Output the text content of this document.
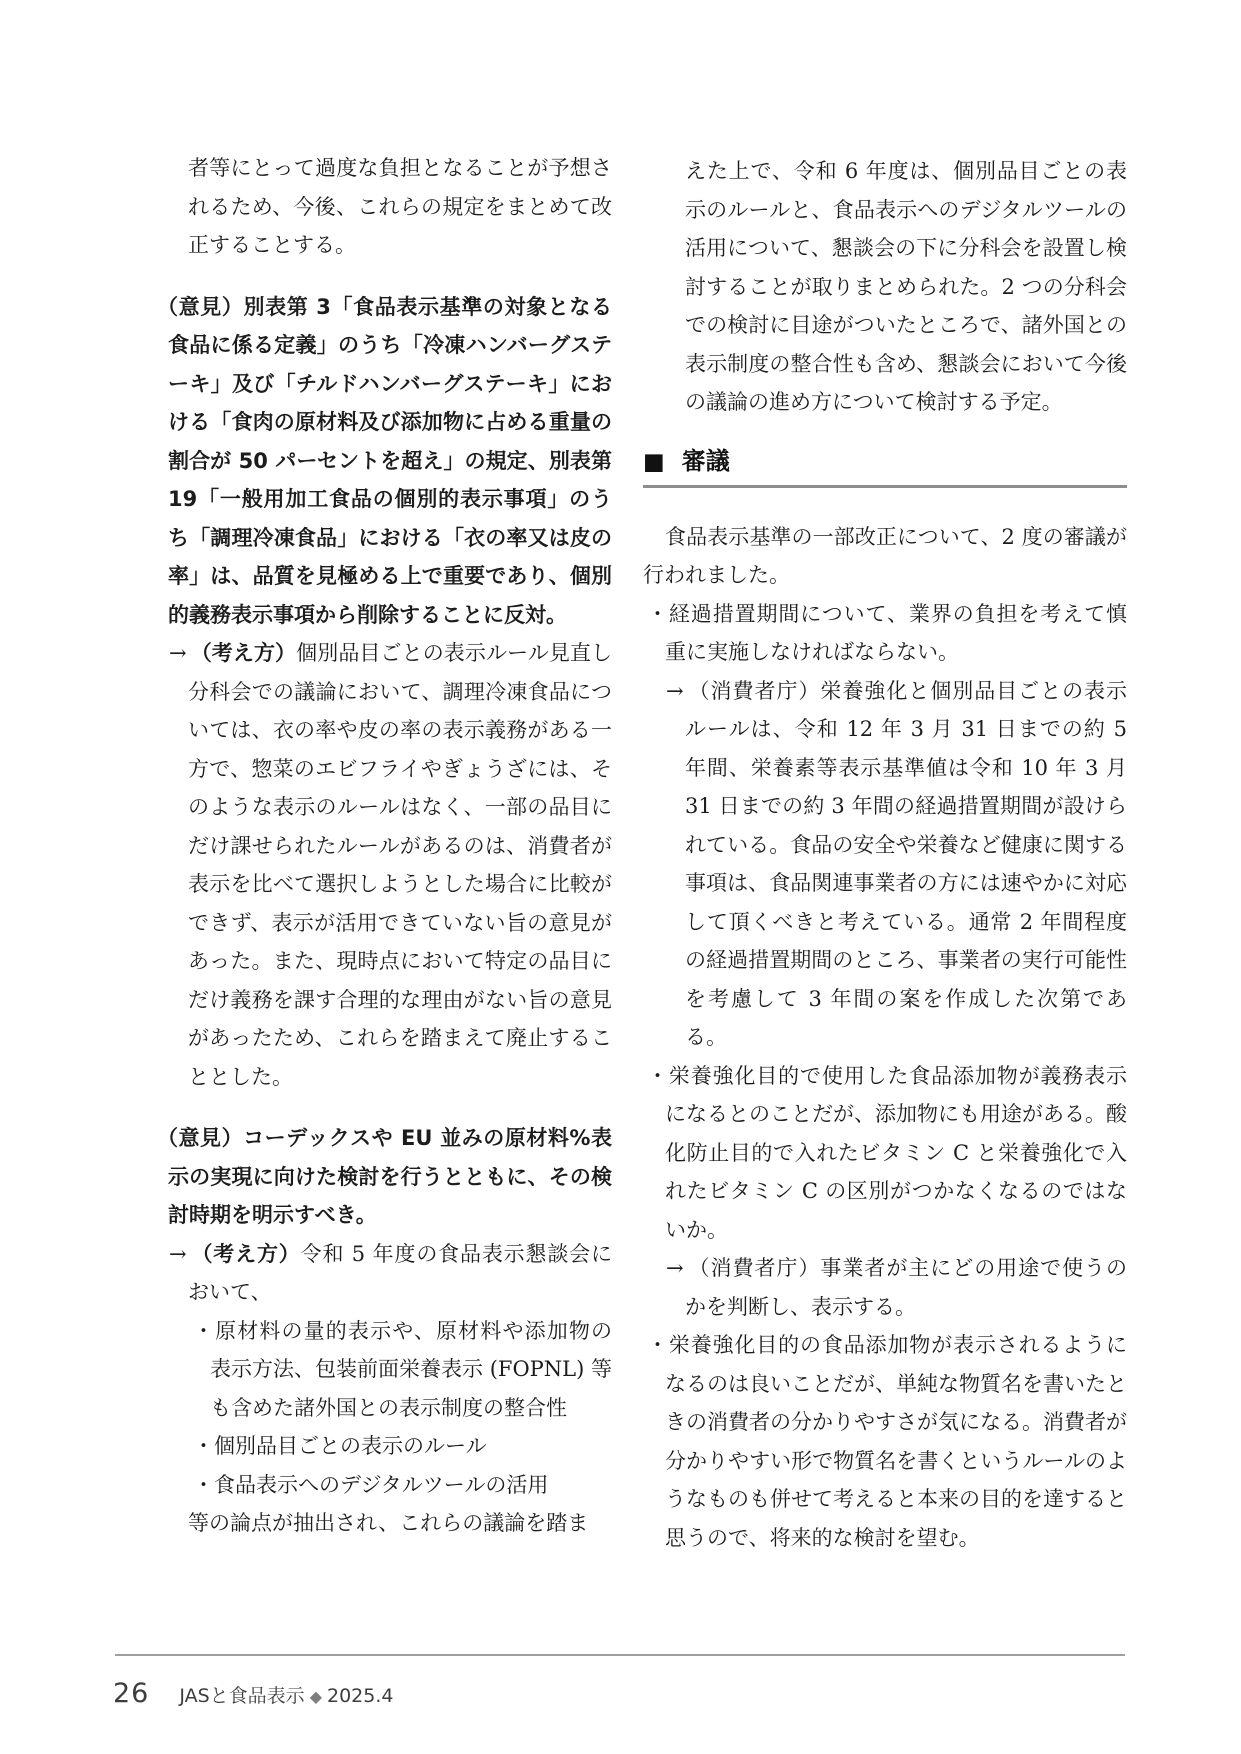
者等にとって過度な負担となることが予想されるため、今後、これらの規定をまとめて改正することする。
（意見）別表第 3「食品表示基準の対象となる食品に係る定義」のうち「冷凍ハンバーグステーキ」及び「チルドハンバーグステーキ」における「食肉の原材料及び添加物に占める重量の割合が 50 パーセントを超え」の規定、別表第 19「一般用加工食品の個別的表示事項」のうち「調理冷凍食品」における「衣の率又は皮の率」は、品質を見極める上で重要であり、個別的義務表示事項から削除することに反対。
→ （考え方）個別品目ごとの表示ルール見直し分科会での議論において、調理冷凍食品については、衣の率や皮の率の表示義務がある一方で、惣菜のエビフライやぎょうざには、そのような表示のルールはなく、一部の品目にだけ課せられたルールがあるのは、消費者が表示を比べて選択しようとした場合に比較ができず、表示が活用できていない旨の意見があった。また、現時点において特定の品目にだけ義務を課す合理的な理由がない旨の意見があったため、これらを踏まえて廃止することとした。
（意見）コーデックスや EU 並みの原材料%表示の実現に向けた検討を行うとともに、その検討時期を明示すべき。
→ （考え方）令和 5 年度の食品表示懇談会において、
・原材料の量的表示や、原材料や添加物の表示方法、包装前面栄養表示 (FOPNL) 等も含めた諸外国との表示制度の整合性
・個別品目ごとの表示のルール
・食品表示へのデジタルツールの活用
等の論点が抽出され、これらの議論を踏ま
えた上で、令和 6 年度は、個別品目ごとの表示のルールと、食品表示へのデジタルツールの活用について、懇談会の下に分科会を設置し検討することが取りまとめられた。2 つの分科会での検討に目途がついたところで、諸外国との表示制度の整合性も含め、懇談会において今後の議論の進め方について検討する予定。
■ 審議
食品表示基準の一部改正について、2 度の審議が行われました。
・経過措置期間について、業界の負担を考えて慎重に実施しなければならない。
→ （消費者庁）栄養強化と個別品目ごとの表示ルールは、令和 12 年 3 月 31 日までの約 5 年間、栄養素等表示基準値は令和 10 年 3 月 31 日までの約 3 年間の経過措置期間が設けられている。食品の安全や栄養など健康に関する事項は、食品関連事業者の方には速やかに対応して頂くべきと考えている。通常 2 年間程度の経過措置期間のところ、事業者の実行可能性を考慮して 3 年間の案を作成した次第である。
・栄養強化目的で使用した食品添加物が義務表示になるとのことだが、添加物にも用途がある。酸化防止目的で入れたビタミン C と栄養強化で入れたビタミン C の区別がつかなくなるのではないか。
→ （消費者庁）事業者が主にどの用途で使うのかを判断し、表示する。
・栄養強化目的の食品添加物が表示されるようになるのは良いことだが、単純な物質名を書いたときの消費者の分かりやすさが気になる。消費者が分かりやすい形で物質名を書くというルールのようなものも併せて考えると本来の目的を達すると思うので、将来的な検討を望む。
26 JASと食品表示 ◆ 2025.4
